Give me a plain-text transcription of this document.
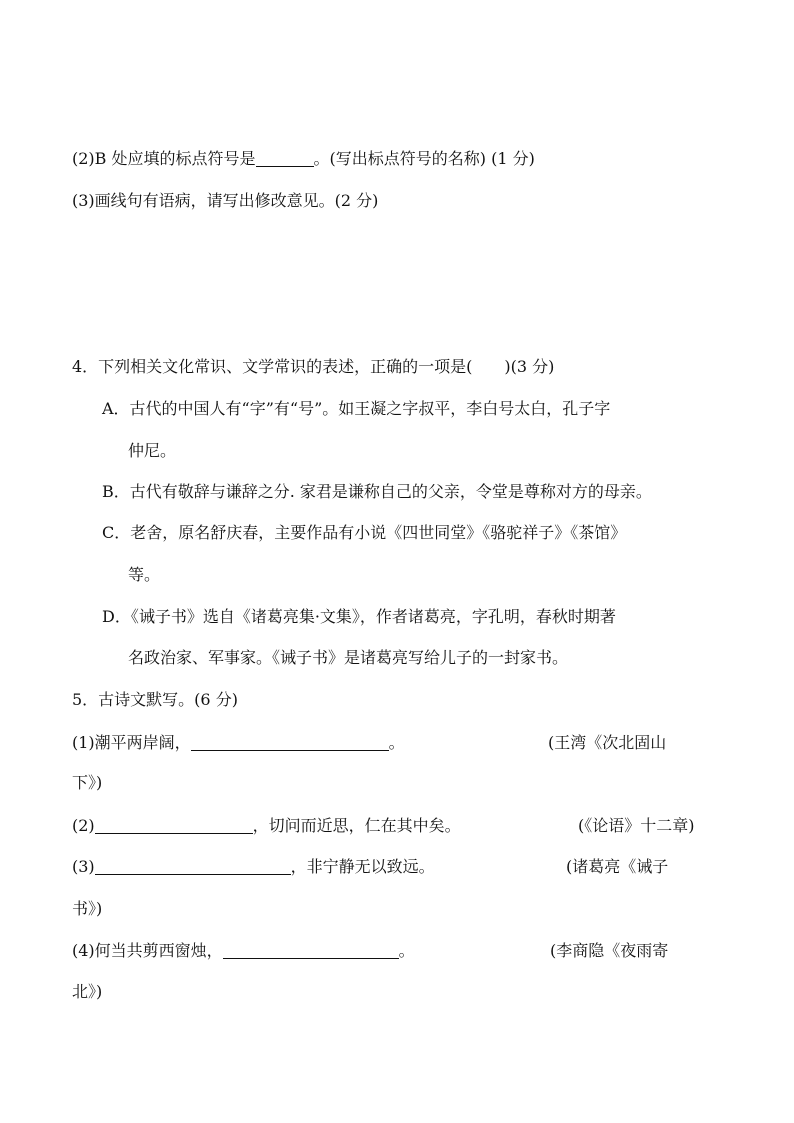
(2)B 处应填的标点符号是	。(写出标点符号的名称) (1 分)
(3)画线句有语病，请写出修改意见。(2 分)
4．下列相关文化常识、文学常识的表述，正确的一项是(　　)(3 分)
A．古代的中国人有“字”有“号”。如王凝之字叔平，李白号太白，孔子字
仲尼。
B．古代有敬辞与谦辞之分. 家君是谦称自己的父亲，令堂是尊称对方的母亲。
C．老舍，原名舒庆春，主要作品有小说《四世同堂》《骆驼祥子》《茶馆》
等。
D．《诫子书》选自《诸葛亮集·文集》，作者诸葛亮，字孔明，春秋时期著
名政治家、军事家。《诫子书》是诸葛亮写给儿子的一封家书。
5．古诗文默写。(6 分)
(1)潮平两岸阔，	。	(王湾《次北固山
下》)
(2)	，切问而近思，仁在其中矣。	(《论语》十二章)
(3)	，非宁静无以致远。	(诸葛亮《诫子
书》)
(4)何当共剪西窗烛，	。	(李商隐《夜雨寄
北》)
